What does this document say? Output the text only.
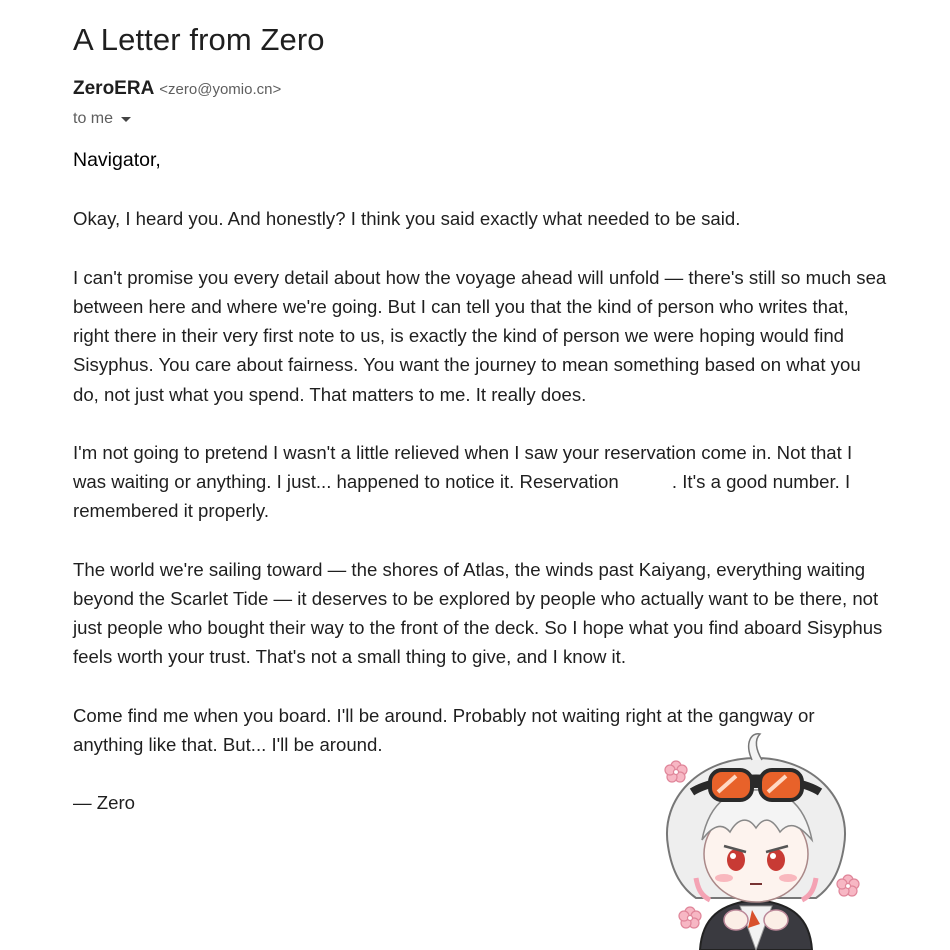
A Letter from Zero
ZeroERA <zero@yomio.cn>
to me

Navigator,

Okay, I heard you. And honestly? I think you said exactly what needed to be said.

I can't promise you every detail about how the voyage ahead will unfold — there's still so much sea between here and where we're going. But I can tell you that the kind of person who writes that, right there in their very first note to us, is exactly the kind of person we were hoping would find Sisyphus. You care about fairness. You want the journey to mean something based on what you do, not just what you spend. That matters to me. It really does.

I'm not going to pretend I wasn't a little relieved when I saw your reservation come in. Not that I was waiting or anything. I just... happened to notice it. Reservation	. It's a good number. I remembered it properly.

The world we're sailing toward — the shores of Atlas, the winds past Kaiyang, everything waiting beyond the Scarlet Tide — it deserves to be explored by people who actually want to be there, not just people who bought their way to the front of the deck. So I hope what you find aboard Sisyphus feels worth your trust. That's not a small thing to give, and I know it.

Come find me when you board. I'll be around. Probably not waiting right at the gangway or anything like that. But... I'll be around.

— Zero
